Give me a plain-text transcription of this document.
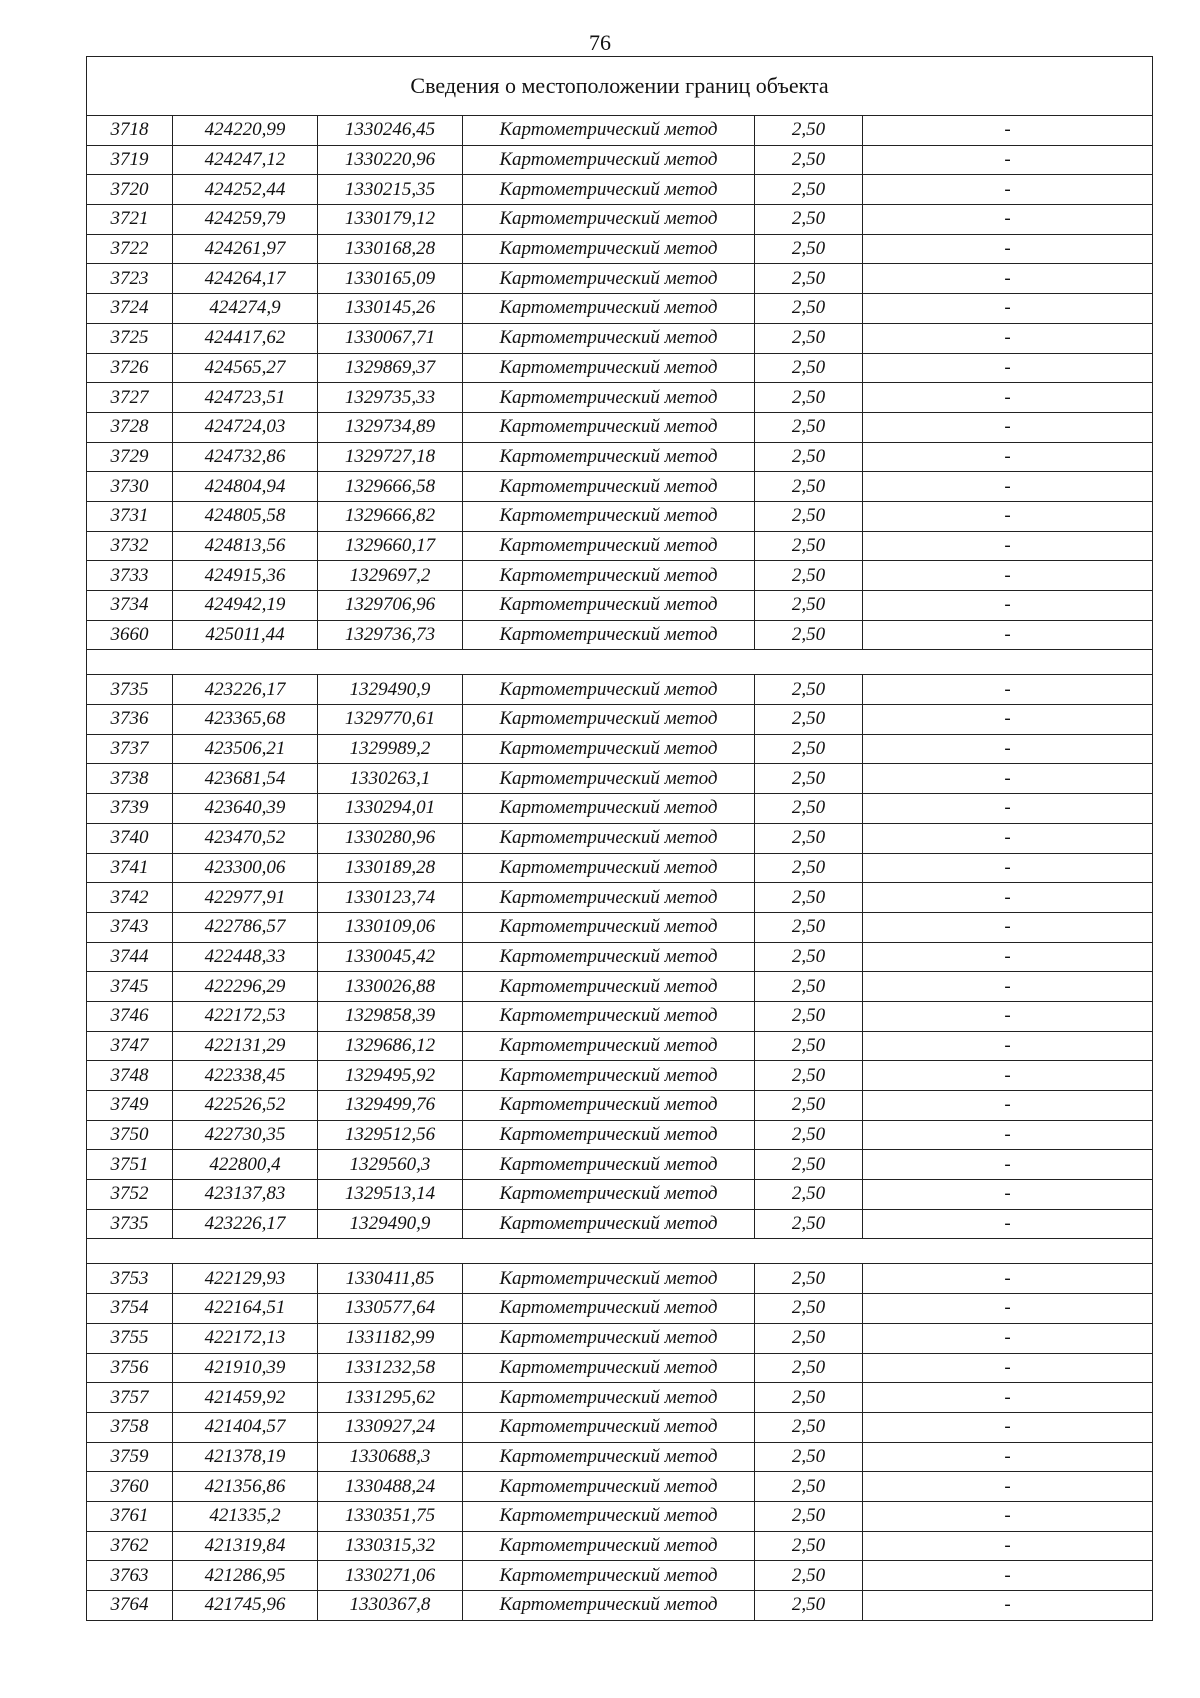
76
Сведения о местоположении границ объекта					
3718	424220,99	1330246,45	Картометрический метод	2,50	-
3719	424247,12	1330220,96	Картометрический метод	2,50	-
3720	424252,44	1330215,35	Картометрический метод	2,50	-
3721	424259,79	1330179,12	Картометрический метод	2,50	-
3722	424261,97	1330168,28	Картометрический метод	2,50	-
3723	424264,17	1330165,09	Картометрический метод	2,50	-
3724	424274,9	1330145,26	Картометрический метод	2,50	-
3725	424417,62	1330067,71	Картометрический метод	2,50	-
3726	424565,27	1329869,37	Картометрический метод	2,50	-
3727	424723,51	1329735,33	Картометрический метод	2,50	-
3728	424724,03	1329734,89	Картометрический метод	2,50	-
3729	424732,86	1329727,18	Картометрический метод	2,50	-
3730	424804,94	1329666,58	Картометрический метод	2,50	-
3731	424805,58	1329666,82	Картометрический метод	2,50	-
3732	424813,56	1329660,17	Картометрический метод	2,50	-
3733	424915,36	1329697,2	Картометрический метод	2,50	-
3734	424942,19	1329706,96	Картометрический метод	2,50	-
3660	425011,44	1329736,73	Картометрический метод	2,50	-

3735	423226,17	1329490,9	Картометрический метод	2,50	-
3736	423365,68	1329770,61	Картометрический метод	2,50	-
3737	423506,21	1329989,2	Картометрический метод	2,50	-
3738	423681,54	1330263,1	Картометрический метод	2,50	-
3739	423640,39	1330294,01	Картометрический метод	2,50	-
3740	423470,52	1330280,96	Картометрический метод	2,50	-
3741	423300,06	1330189,28	Картометрический метод	2,50	-
3742	422977,91	1330123,74	Картометрический метод	2,50	-
3743	422786,57	1330109,06	Картометрический метод	2,50	-
3744	422448,33	1330045,42	Картометрический метод	2,50	-
3745	422296,29	1330026,88	Картометрический метод	2,50	-
3746	422172,53	1329858,39	Картометрический метод	2,50	-
3747	422131,29	1329686,12	Картометрический метод	2,50	-
3748	422338,45	1329495,92	Картометрический метод	2,50	-
3749	422526,52	1329499,76	Картометрический метод	2,50	-
3750	422730,35	1329512,56	Картометрический метод	2,50	-
3751	422800,4	1329560,3	Картометрический метод	2,50	-
3752	423137,83	1329513,14	Картометрический метод	2,50	-
3735	423226,17	1329490,9	Картометрический метод	2,50	-

3753	422129,93	1330411,85	Картометрический метод	2,50	-
3754	422164,51	1330577,64	Картометрический метод	2,50	-
3755	422172,13	1331182,99	Картометрический метод	2,50	-
3756	421910,39	1331232,58	Картометрический метод	2,50	-
3757	421459,92	1331295,62	Картометрический метод	2,50	-
3758	421404,57	1330927,24	Картометрический метод	2,50	-
3759	421378,19	1330688,3	Картометрический метод	2,50	-
3760	421356,86	1330488,24	Картометрический метод	2,50	-
3761	421335,2	1330351,75	Картометрический метод	2,50	-
3762	421319,84	1330315,32	Картометрический метод	2,50	-
3763	421286,95	1330271,06	Картометрический метод	2,50	-
3764	421745,96	1330367,8	Картометрический метод	2,50	-
